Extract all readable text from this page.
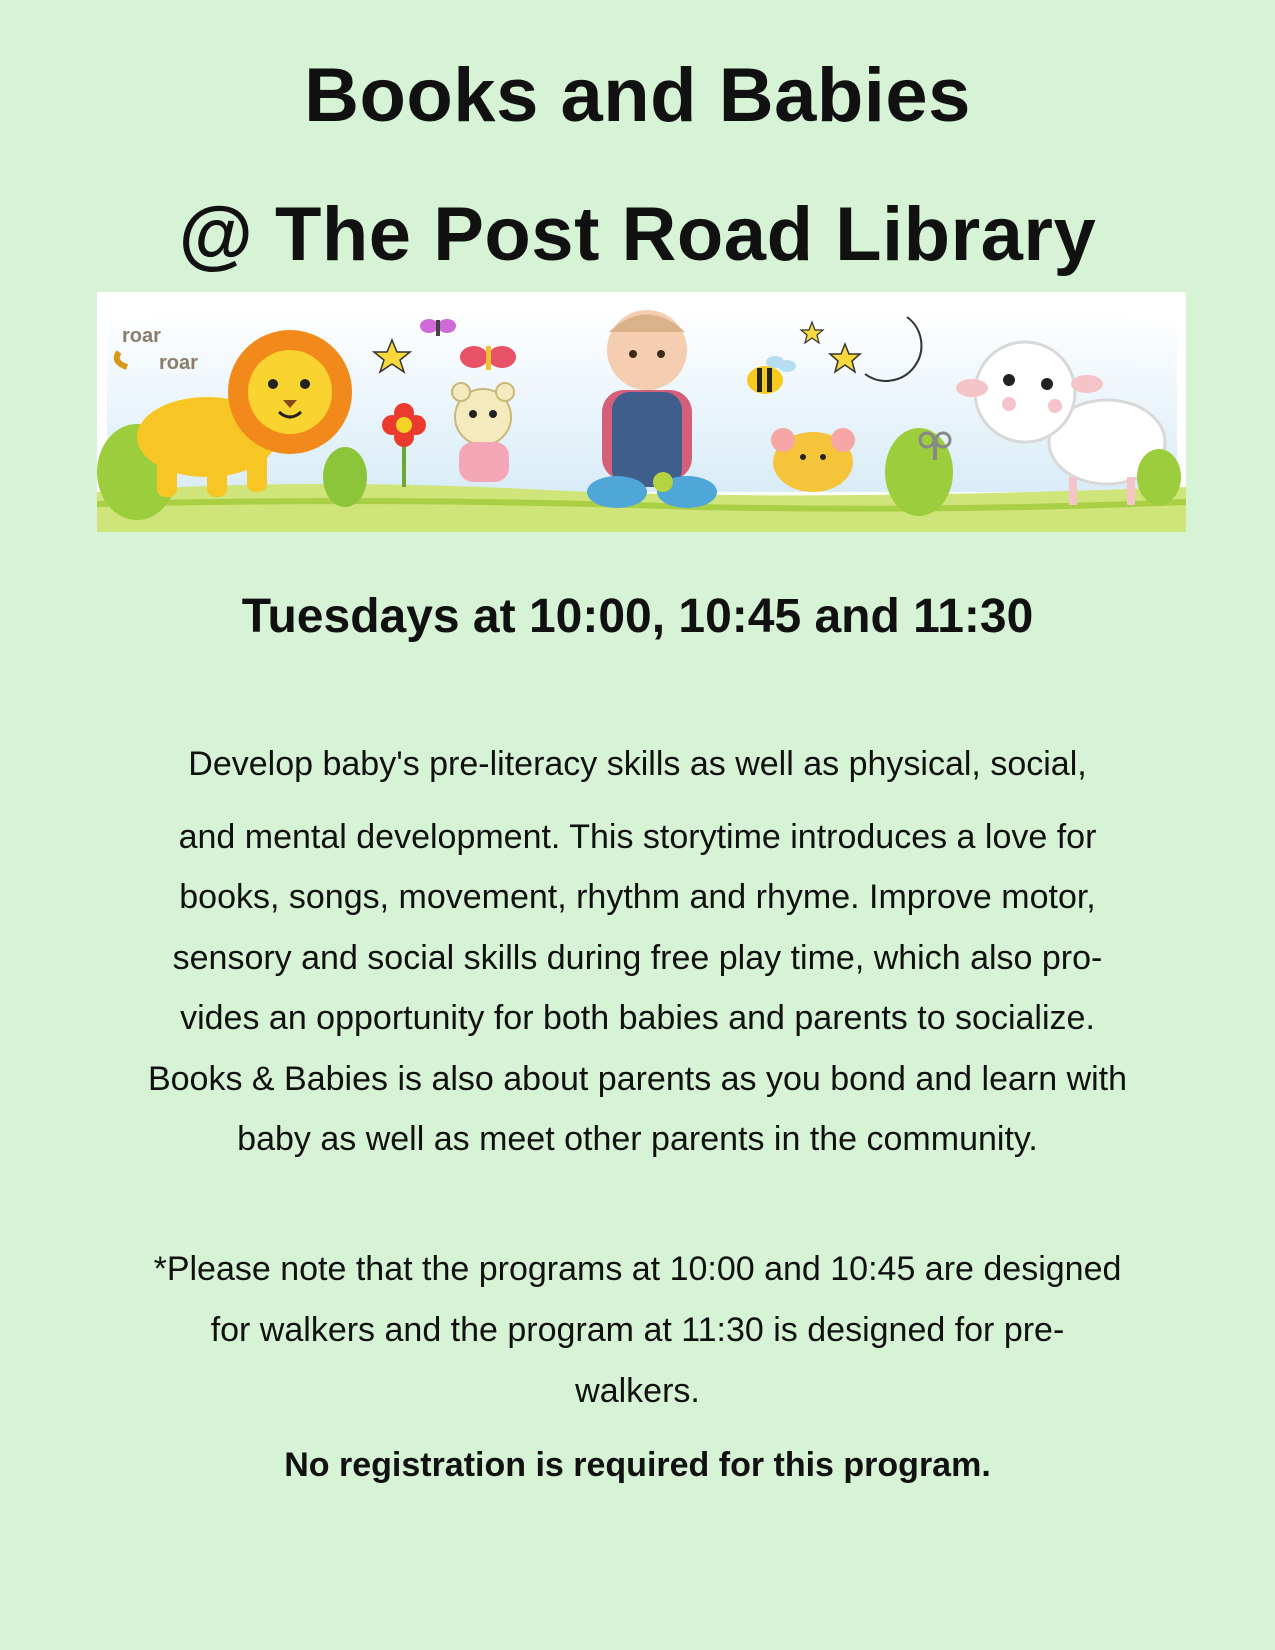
Books and Babies
@ The Post Road Library
roar
roar
Tuesdays at 10:00, 10:45 and 11:30

Develop baby's pre-literacy skills as well as physical, social,
and mental development. This storytime introduces a love for
books, songs, movement, rhythm and rhyme. Improve motor,
sensory and social skills during free play time, which also pro-
vides an opportunity for both babies and parents to socialize.
Books & Babies is also about parents as you bond and learn with
baby as well as meet other parents in the community.

*Please note that the programs at 10:00 and 10:45 are designed
for walkers and the program at 11:30 is designed for pre-
walkers.

No registration is required for this program.
